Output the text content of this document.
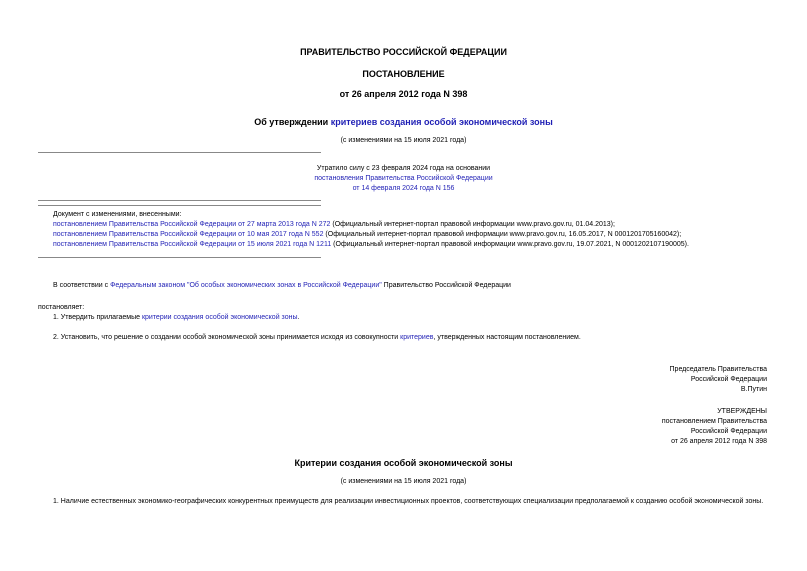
ПРАВИТЕЛЬСТВО РОССИЙСКОЙ ФЕДЕРАЦИИ
ПОСТАНОВЛЕНИЕ
от 26 апреля 2012 года N 398
Об утверждении критериев создания особой экономической зоны
(с изменениями на 15 июля 2021 года)
Утратило силу с 23 февраля 2024 года на основании
постановления Правительства Российской Федерации
от 14 февраля 2024 года N 156
Документ с изменениями, внесенными:
постановлением Правительства Российской Федерации от 27 марта 2013 года N 272 (Официальный интернет-портал правовой информации www.pravo.gov.ru, 01.04.2013);
постановлением Правительства Российской Федерации от 10 мая 2017 года N 552 (Официальный интернет-портал правовой информации www.pravo.gov.ru, 16.05.2017, N 0001201705160042);
постановлением Правительства Российской Федерации от 15 июля 2021 года N 1211 (Официальный интернет-портал правовой информации www.pravo.gov.ru, 19.07.2021, N 0001202107190005).
В соответствии с Федеральным законом "Об особых экономических зонах в Российской Федерации" Правительство Российской Федерации
постановляет:
1. Утвердить прилагаемые критерии создания особой экономической зоны.
2. Установить, что решение о создании особой экономической зоны принимается исходя из совокупности критериев, утвержденных настоящим постановлением.
Председатель Правительства
Российской Федерации
В.Путин
УТВЕРЖДЕНЫ
постановлением Правительства
Российской Федерации
от 26 апреля 2012 года N 398
Критерии создания особой экономической зоны
(с изменениями на 15 июля 2021 года)
1. Наличие естественных экономико-географических конкурентных преимуществ для реализации инвестиционных проектов, соответствующих специализации предполагаемой к созданию особой экономической зоны.
